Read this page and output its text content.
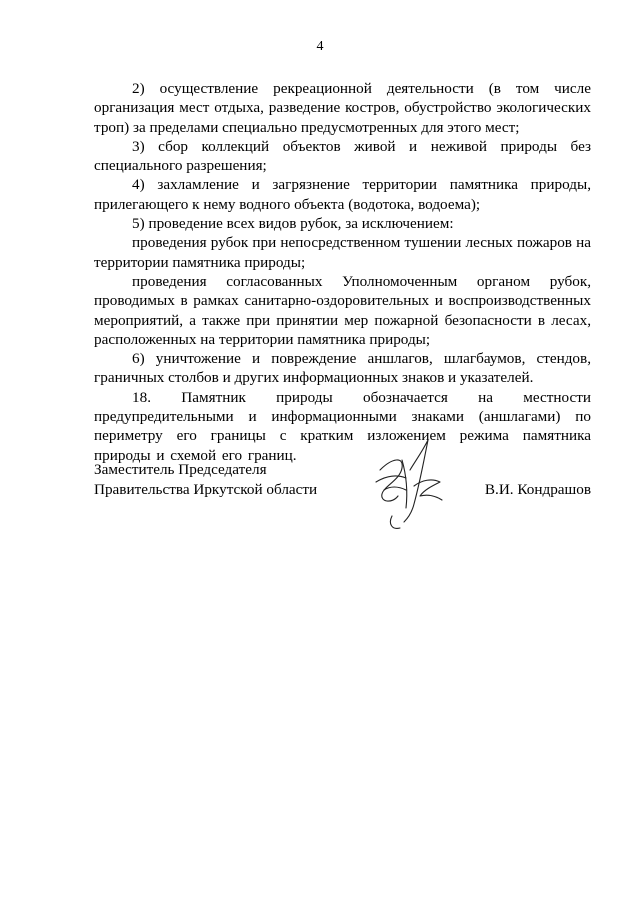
4

2) осуществление рекреационной деятельности (в том числе организация мест отдыха, разведение костров, обустройство экологических троп) за пределами специально предусмотренных для этого мест;

3) сбор коллекций объектов живой и неживой природы без специального разрешения;

4) захламление и загрязнение территории памятника природы, прилегающего к нему водного объекта (водотока, водоема);

5) проведение всех видов рубок, за исключением:

проведения рубок при непосредственном тушении лесных пожаров на территории памятника природы;

проведения согласованных Уполномоченным органом рубок, проводимых в рамках санитарно-оздоровительных и воспроизводственных мероприятий, а также при принятии мер пожарной безопасности в лесах, расположенных на территории памятника природы;

6) уничтожение и повреждение аншлагов, шлагбаумов, стендов, граничных столбов и других информационных знаков и указателей.

18. Памятник природы обозначается на местности предупредительными и информационными знаками (аншлагами) по периметру его границы с кратким изложением режима памятника природы и схемой его границ.

Заместитель Председателя
Правительства Иркутской области	В.И. Кондрашов
